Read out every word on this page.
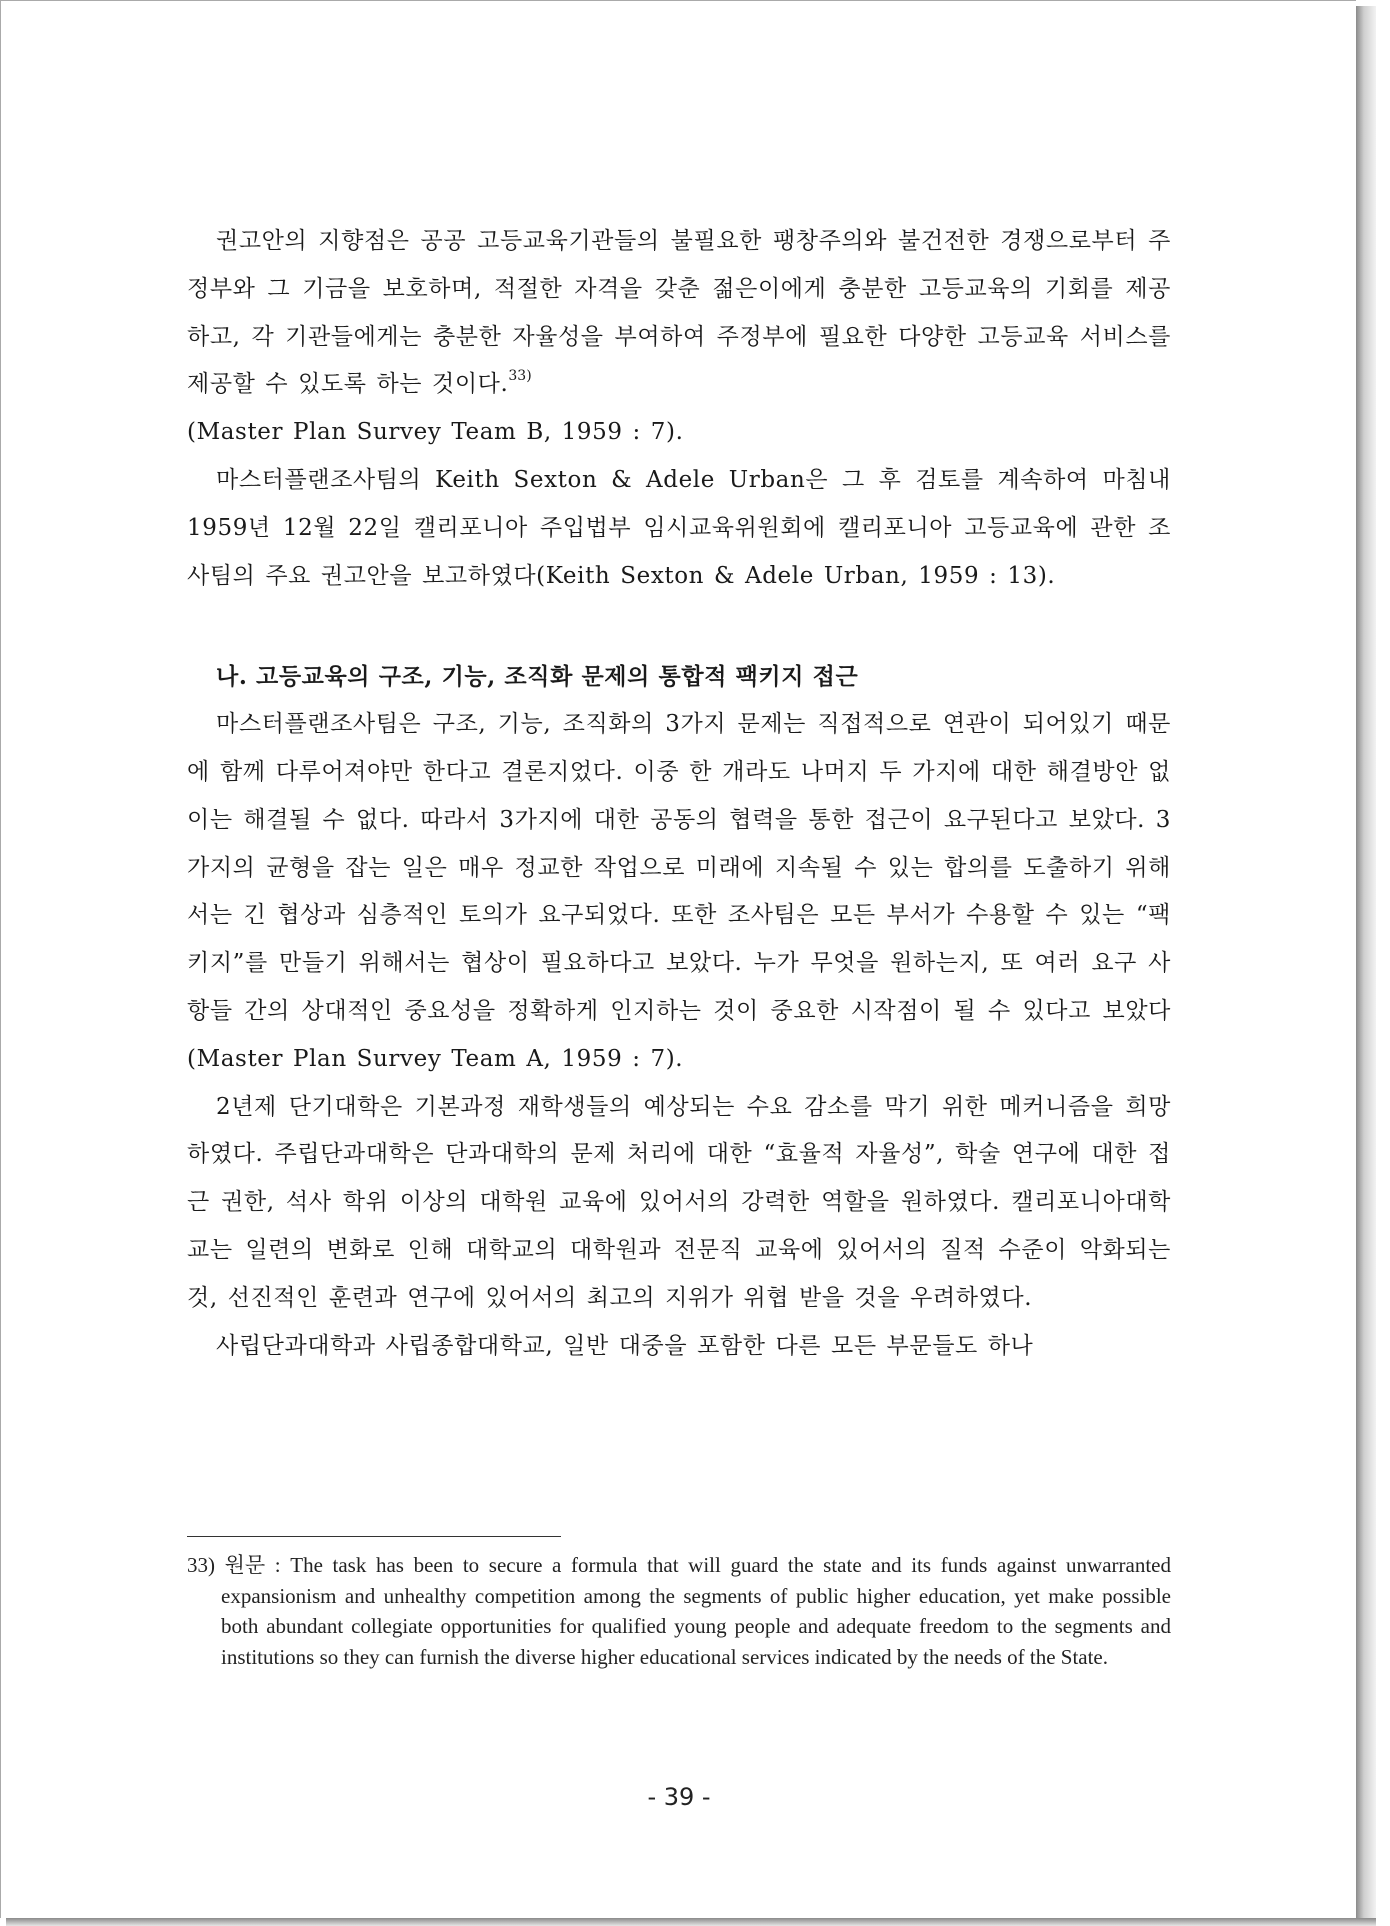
권고안의 지향점은 공공 고등교육기관들의 불필요한 팽창주의와 불건전한 경쟁으로부터 주정부와 그 기금을 보호하며, 적절한 자격을 갖춘 젊은이에게 충분한 고등교육의 기회를 제공하고, 각 기관들에게는 충분한 자율성을 부여하여 주정부에 필요한 다양한 고등교육 서비스를 제공할 수 있도록 하는 것이다.$^{33)}$
(Master Plan Survey Team B, 1959 : 7).

마스터플랜조사팀의 Keith Sexton & Adele Urban은 그 후 검토를 계속하여 마침내 1959년 12월 22일 캘리포니아 주입법부 임시교육위원회에 캘리포니아 고등교육에 관한 조사팀의 주요 권고안을 보고하였다(Keith Sexton & Adele Urban, 1959 : 13).

나. 고등교육의 구조, 기능, 조직화 문제의 통합적 팩키지 접근

마스터플랜조사팀은 구조, 기능, 조직화의 3가지 문제는 직접적으로 연관이 되어있기 때문에 함께 다루어져야만 한다고 결론지었다. 이중 한 개라도 나머지 두 가지에 대한 해결방안 없이는 해결될 수 없다. 따라서 3가지에 대한 공동의 협력을 통한 접근이 요구된다고 보았다. 3가지의 균형을 잡는 일은 매우 정교한 작업으로 미래에 지속될 수 있는 합의를 도출하기 위해서는 긴 협상과 심층적인 토의가 요구되었다. 또한 조사팀은 모든 부서가 수용할 수 있는 “팩키지”를 만들기 위해서는 협상이 필요하다고 보았다. 누가 무엇을 원하는지, 또 여러 요구 사항들 간의 상대적인 중요성을 정확하게 인지하는 것이 중요한 시작점이 될 수 있다고 보았다(Master Plan Survey Team A, 1959 : 7).

2년제 단기대학은 기본과정 재학생들의 예상되는 수요 감소를 막기 위한 메커니즘을 희망하였다. 주립단과대학은 단과대학의 문제 처리에 대한 “효율적 자율성”, 학술 연구에 대한 접근 권한, 석사 학위 이상의 대학원 교육에 있어서의 강력한 역할을 원하였다. 캘리포니아대학교는 일련의 변화로 인해 대학교의 대학원과 전문직 교육에 있어서의 질적 수준이 악화되는 것, 선진적인 훈련과 연구에 있어서의 최고의 지위가 위협 받을 것을 우려하였다.

사립단과대학과 사립종합대학교, 일반 대중을 포함한 다른 모든 부문들도 하나

33) 원문 : The task has been to secure a formula that will guard the state and its funds against unwarranted expansionism and unhealthy competition among the segments of public higher education, yet make possible both abundant collegiate opportunities for qualified young people and adequate freedom to the segments and institutions so they can furnish the diverse higher educational services indicated by the needs of the State.
- 39 -
